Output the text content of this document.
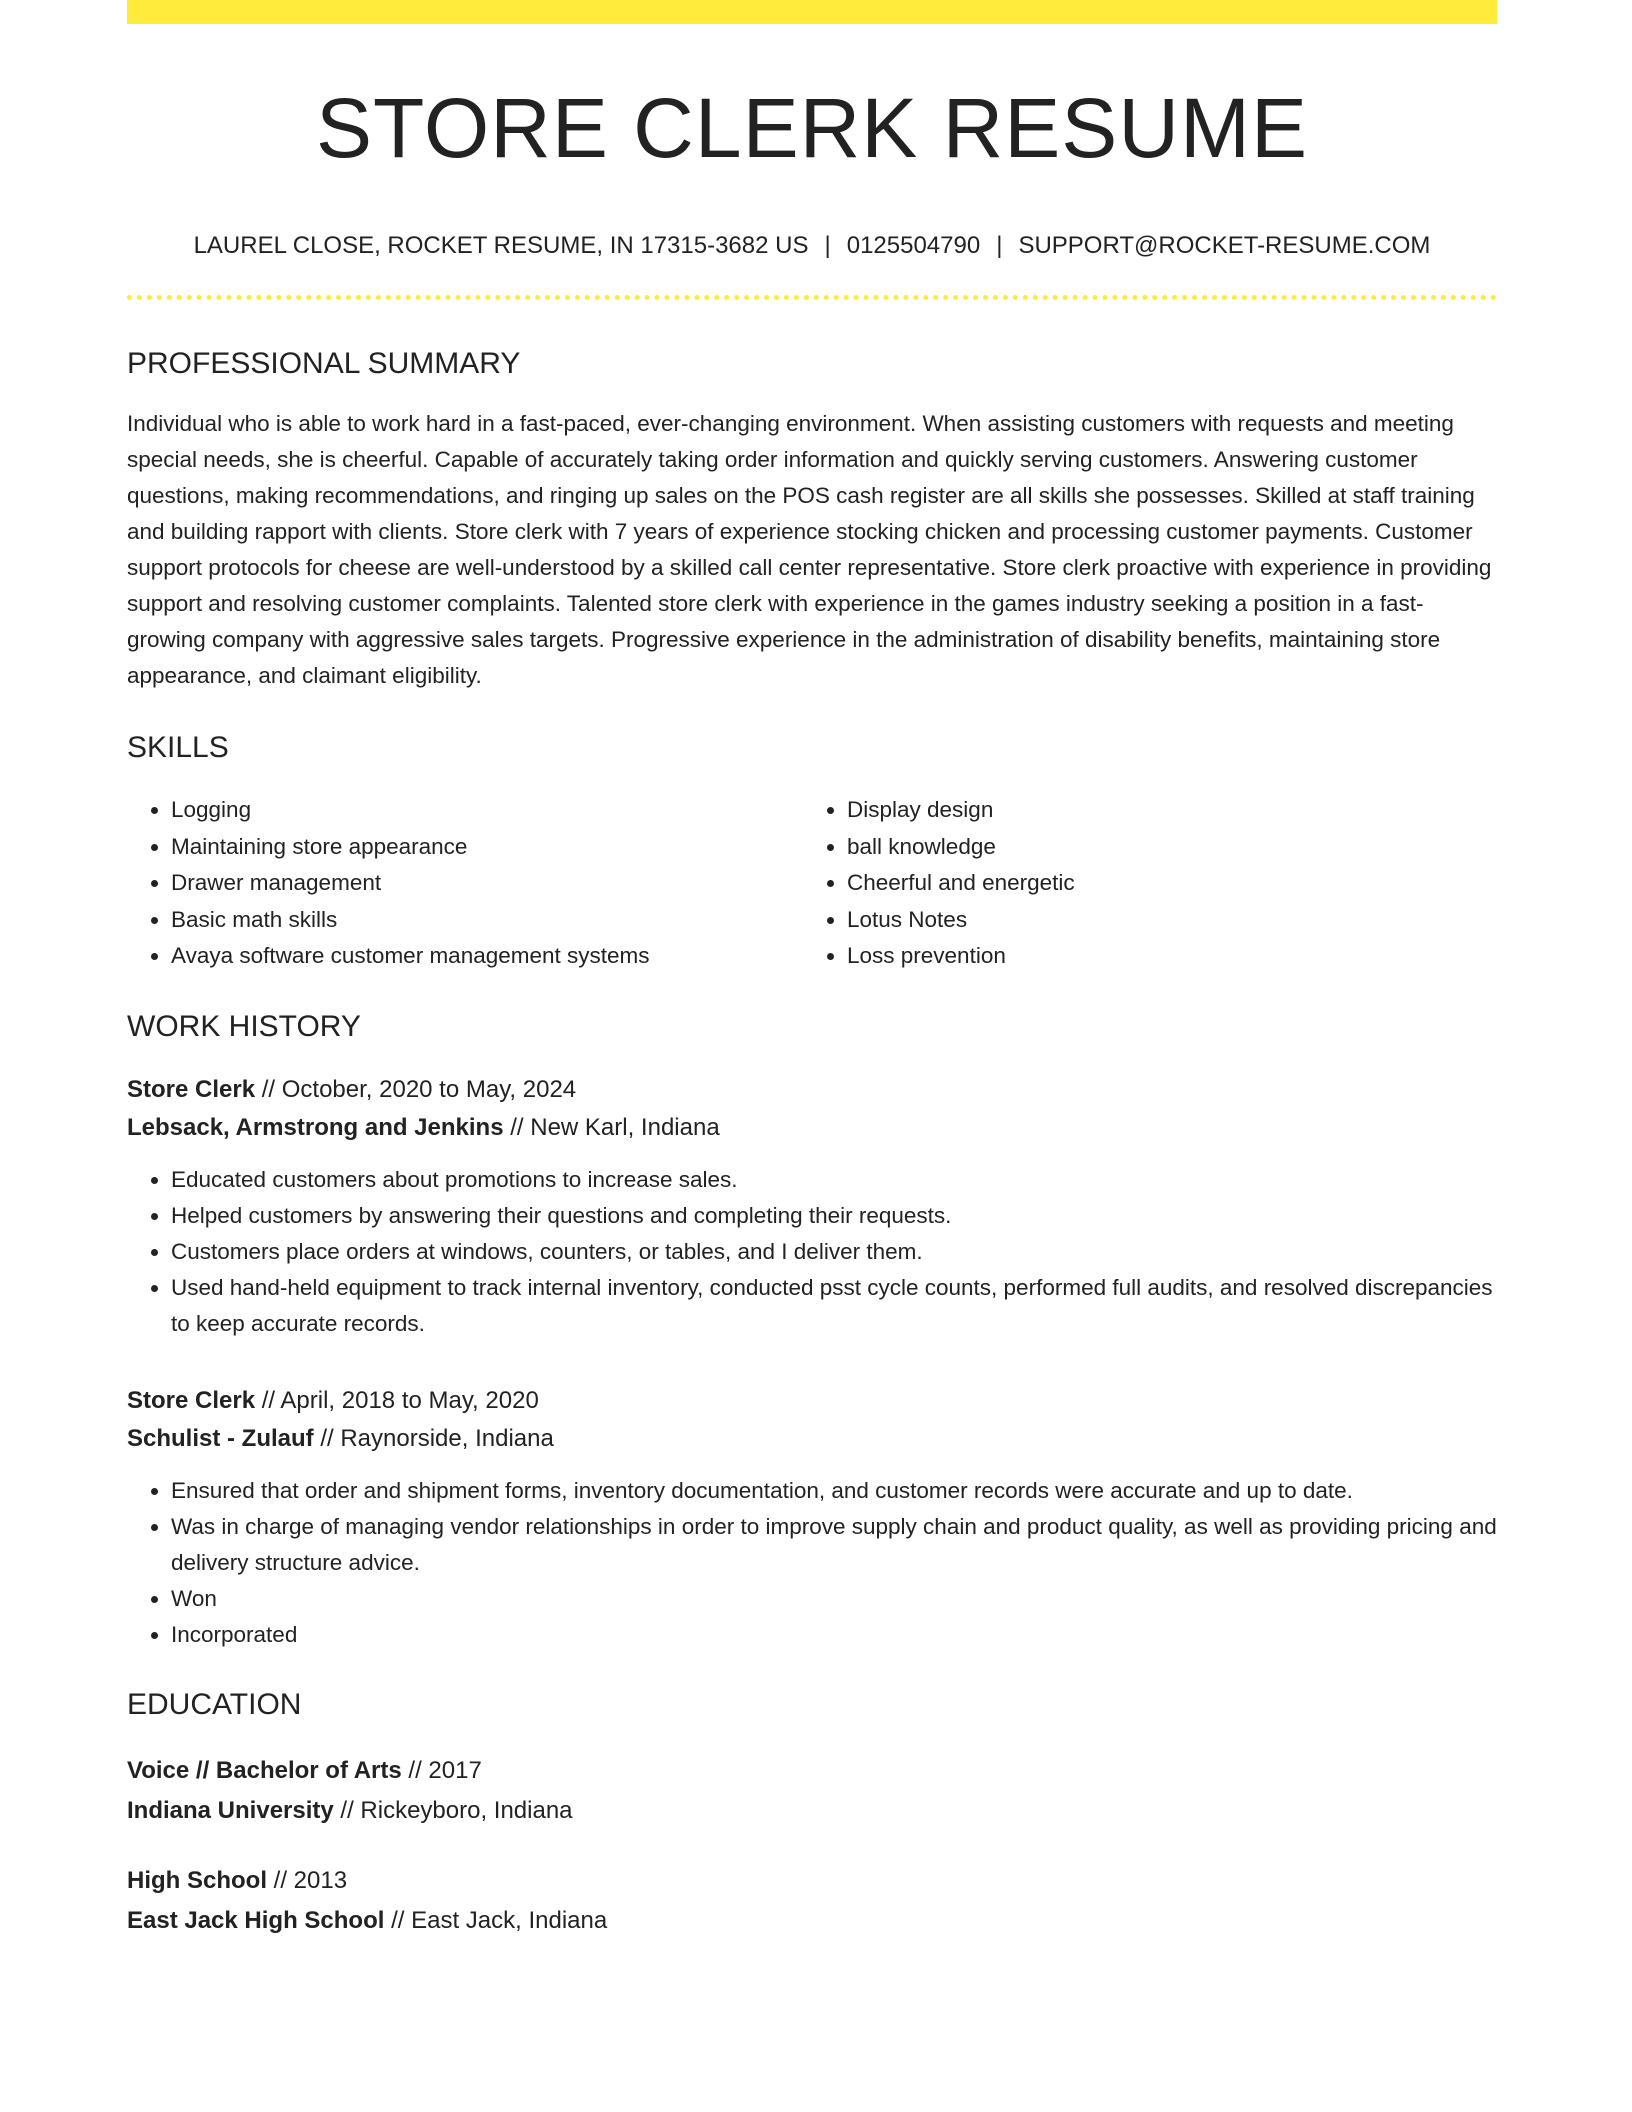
STORE CLERK RESUME
LAUREL CLOSE, ROCKET RESUME, IN 17315-3682 US | 0125504790 | SUPPORT@ROCKET-RESUME.COM
PROFESSIONAL SUMMARY
Individual who is able to work hard in a fast-paced, ever-changing environment. When assisting customers with requests and meeting special needs, she is cheerful. Capable of accurately taking order information and quickly serving customers. Answering customer questions, making recommendations, and ringing up sales on the POS cash register are all skills she possesses. Skilled at staff training and building rapport with clients. Store clerk with 7 years of experience stocking chicken and processing customer payments. Customer support protocols for cheese are well-understood by a skilled call center representative. Store clerk proactive with experience in providing support and resolving customer complaints. Talented store clerk with experience in the games industry seeking a position in a fast-growing company with aggressive sales targets. Progressive experience in the administration of disability benefits, maintaining store appearance, and claimant eligibility.
SKILLS
• Logging
• Maintaining store appearance
• Drawer management
• Basic math skills
• Avaya software customer management systems
• Display design
• ball knowledge
• Cheerful and energetic
• Lotus Notes
• Loss prevention
WORK HISTORY
Store Clerk // October, 2020 to May, 2024
Lebsack, Armstrong and Jenkins // New Karl, Indiana
• Educated customers about promotions to increase sales.
• Helped customers by answering their questions and completing their requests.
• Customers place orders at windows, counters, or tables, and I deliver them.
• Used hand-held equipment to track internal inventory, conducted psst cycle counts, performed full audits, and resolved discrepancies to keep accurate records.
Store Clerk // April, 2018 to May, 2020
Schulist - Zulauf // Raynorside, Indiana
• Ensured that order and shipment forms, inventory documentation, and customer records were accurate and up to date.
• Was in charge of managing vendor relationships in order to improve supply chain and product quality, as well as providing pricing and delivery structure advice.
• Won
• Incorporated
EDUCATION
Voice // Bachelor of Arts // 2017
Indiana University // Rickeyboro, Indiana
High School // 2013
East Jack High School // East Jack, Indiana
